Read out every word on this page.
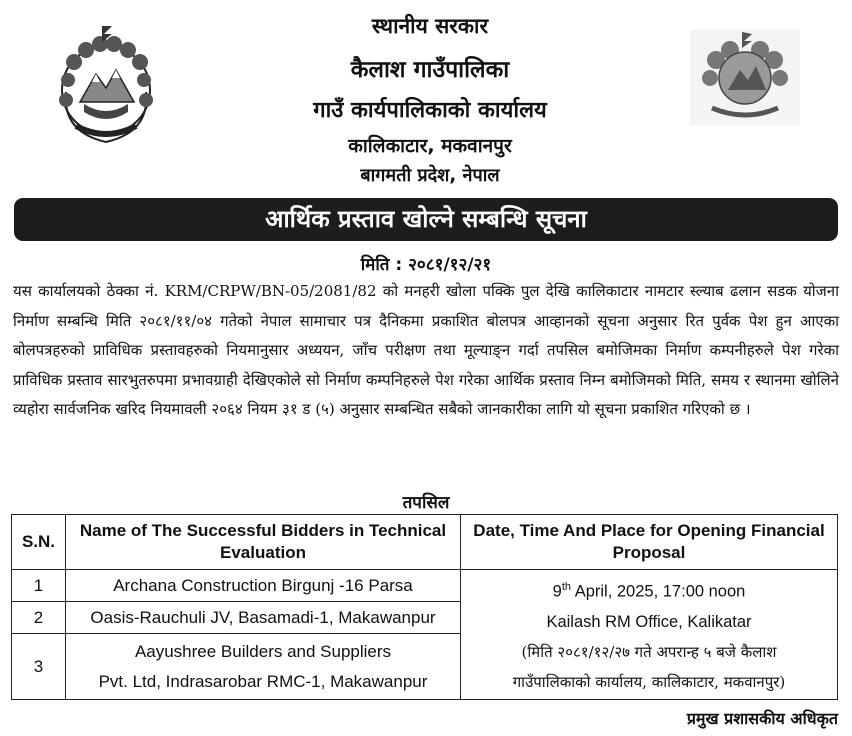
स्थानीय सरकार
कैलाश गाउँपालिका
गाउँ कार्यपालिकाको कार्यालय
कालिकाटार, मकवानपुर
बागमती प्रदेश, नेपाल
आर्थिक प्रस्ताव खोल्ने सम्बन्धि सूचना
मिति : २०८१/१२/२१
यस कार्यालयको ठेक्का नं. KRM/CRPW/BN-05/2081/82 को मनहरी खोला पक्कि पुल देखि कालिकाटार नामटार स्ल्याब ढलान सडक योजना निर्माण सम्बन्धि मिति २०८१/११/०४ गतेको नेपाल सामाचार पत्र दैनिकमा प्रकाशित बोलपत्र आव्हानको सूचना अनुसार रित पुर्वक पेश हुन आएका बोलपत्रहरुको प्राविधिक प्रस्तावहरुको नियमानुसार अध्ययन, जाँच परीक्षण तथा मूल्याङ्न गर्दा तपसिल बमोजिमका निर्माण कम्पनीहरुले पेश गरेका प्राविधिक प्रस्ताव सारभुतरुपमा प्रभावग्राही देखिएकोले सो निर्माण कम्पनिहरुले पेश गरेका आर्थिक प्रस्ताव निम्न बमोजिमको मिति, समय र स्थानमा खोलिने व्यहोरा सार्वजनिक खरिद नियमावली २०६४ नियम ३१ ड (५) अनुसार सम्बन्धित सबैको जानकारीका लागि यो सूचना प्रकाशित गरिएको छ ।
तपसिल
S.N.	Name of The Successful Bidders in Technical Evaluation	Date, Time And Place for Opening Financial Proposal
1	Archana Construction Birgunj -16 Parsa	9th April, 2025, 17:00 noon
Kailash RM Office, Kalikatar
(मिति २०८१/१२/२७ गते अपरान्ह ५ बजे कैलाश
गाउँपालिकाको कार्यालय, कालिकाटार, मकवानपुर)

2	Oasis-Rauchuli JV, Basamadi-1, Makawanpur	
3	Aayushree Builders and Suppliers
Pvt. Ltd, Indrasarobar RMC-1, Makawanpur	
प्रमुख प्रशासकीय अधिकृत
